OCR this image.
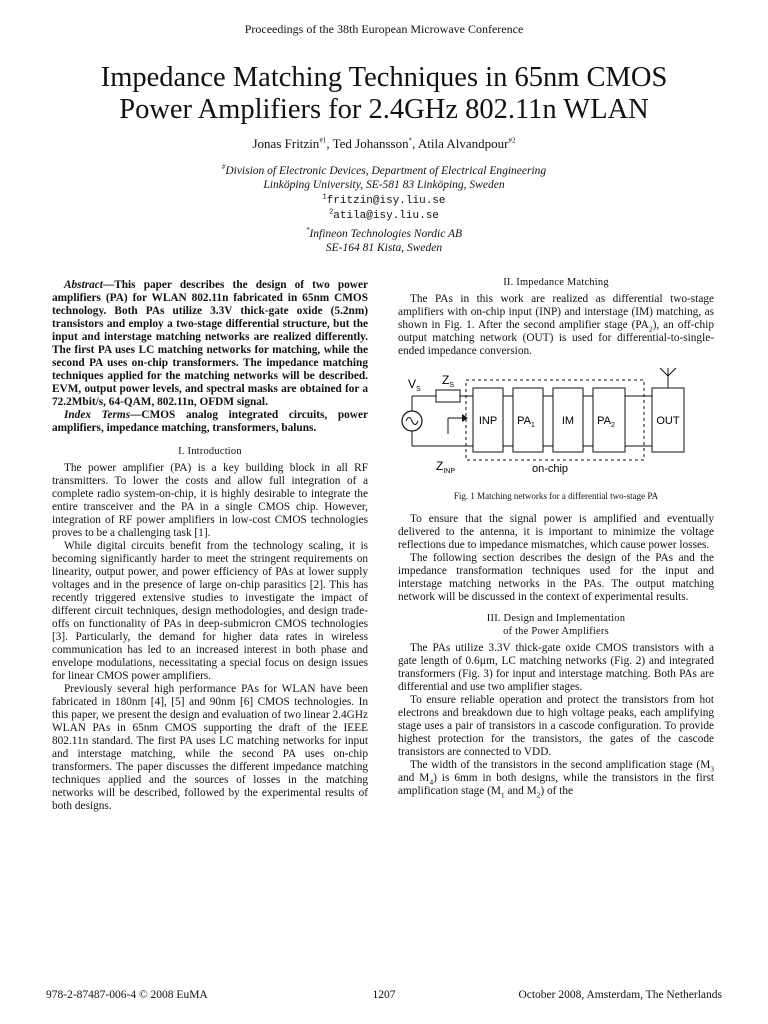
Proceedings of the 38th European Microwave Conference
Impedance Matching Techniques in 65nm CMOS
Power Amplifiers for 2.4GHz 802.11n WLAN
Jonas Fritzin$^{\#1}$, Ted Johansson*, Atila Alvandpour$^{\#2}$
#Division of Electronic Devices, Department of Electrical Engineering
Linköping University, SE-581 83 Linköping, Sweden
$^1$fritzin@isy.liu.se
$^2$atila@isy.liu.se
*Infineon Technologies Nordic AB
SE-164 81 Kista, Sweden

Abstract—This paper describes the design of two power amplifiers (PA) for WLAN 802.11n fabricated in 65nm CMOS technology. Both PAs utilize 3.3V thick-gate oxide (5.2nm) transistors and employ a two-stage differential structure, but the input and interstage matching networks are realized differently. The first PA uses LC matching networks for matching, while the second PA uses on-chip transformers. The impedance matching techniques applied for the matching networks will be described. EVM, output power levels, and spectral masks are obtained for a 72.2Mbit/s, 64-QAM, 802.11n, OFDM signal.

Index Terms—CMOS analog integrated circuits, power amplifiers, impedance matching, transformers, baluns.

I. Introduction

The power amplifier (PA) is a key building block in all RF transmitters. To lower the costs and allow full integration of a complete radio system-on-chip, it is highly desirable to integrate the entire transceiver and the PA in a single CMOS chip. However, integration of RF power amplifiers in low-cost CMOS technologies proves to be a challenging task [1].

While digital circuits benefit from the technology scaling, it is becoming significantly harder to meet the stringent requirements on linearity, output power, and power efficiency of PAs at lower supply voltages and in the presence of large on-chip parasitics [2]. This has recently triggered extensive studies to investigate the impact of different circuit techniques, design methodologies, and design trade-offs on functionality of PAs in deep-submicron CMOS technologies [3]. Particularly, the demand for higher data rates in wireless communication has led to an increased interest in both phase and envelope modulations, necessitating a special focus on design issues for linear CMOS power amplifiers.

Previously several high performance PAs for WLAN have been fabricated in 180nm [4], [5] and 90nm [6] CMOS technologies. In this paper, we present the design and evaluation of two linear 2.4GHz WLAN PAs in 65nm CMOS supporting the draft of the IEEE 802.11n standard. The first PA uses LC matching networks for input and interstage matching, while the second PA uses on-chip transformers. The paper discusses the different impedance matching techniques applied and the sources of losses in the matching networks will be described, followed by the experimental results of both designs.

II. Impedance Matching

The PAs in this work are realized as differential two-stage amplifiers with on-chip input (INP) and interstage (IM) matching, as shown in Fig. 1. After the second amplifier stage $(PA_2)$, an off-chip output matching network (OUT) is used for differential-to-single-ended impedance conversion.

$V_S$
$Z_S$
$Z_{INP}$
INP $PA_1$ IM $PA_2$	OUT
on-chip

Fig. 1 Matching networks for a differential two-stage PA

To ensure that the signal power is amplified and eventually delivered to the antenna, it is important to minimize the voltage reflections due to impedance mismatches, which cause power losses.

The following section describes the design of the PAs and the impedance transformation techniques used for the input and interstage matching networks in the PAs. The output matching network will be discussed in the context of experimental results.

III. Design and Implementation
of the Power Amplifiers

The PAs utilize 3.3V thick-gate oxide CMOS transistors with a gate length of 0.6µm, LC matching networks (Fig. 2) and integrated transformers (Fig. 3) for input and interstage matching. Both PAs are differential and use two amplifier stages.

To ensure reliable operation and protect the transistors from hot electrons and breakdown due to high voltage peaks, each amplifying stage uses a pair of transistors in a cascode configuration. To provide highest protection for the transistors, the gates of the cascode transistors are connected to VDD.

The width of the transistors in the second amplification stage ($M_3$ and $M_4$) is 6mm in both designs, while the transistors in the first amplification stage ($M_1$ and $M_2$) of the

978-2-87487-006-4 © 2008 EuMA	1207	October 2008, Amsterdam, The Netherlands
